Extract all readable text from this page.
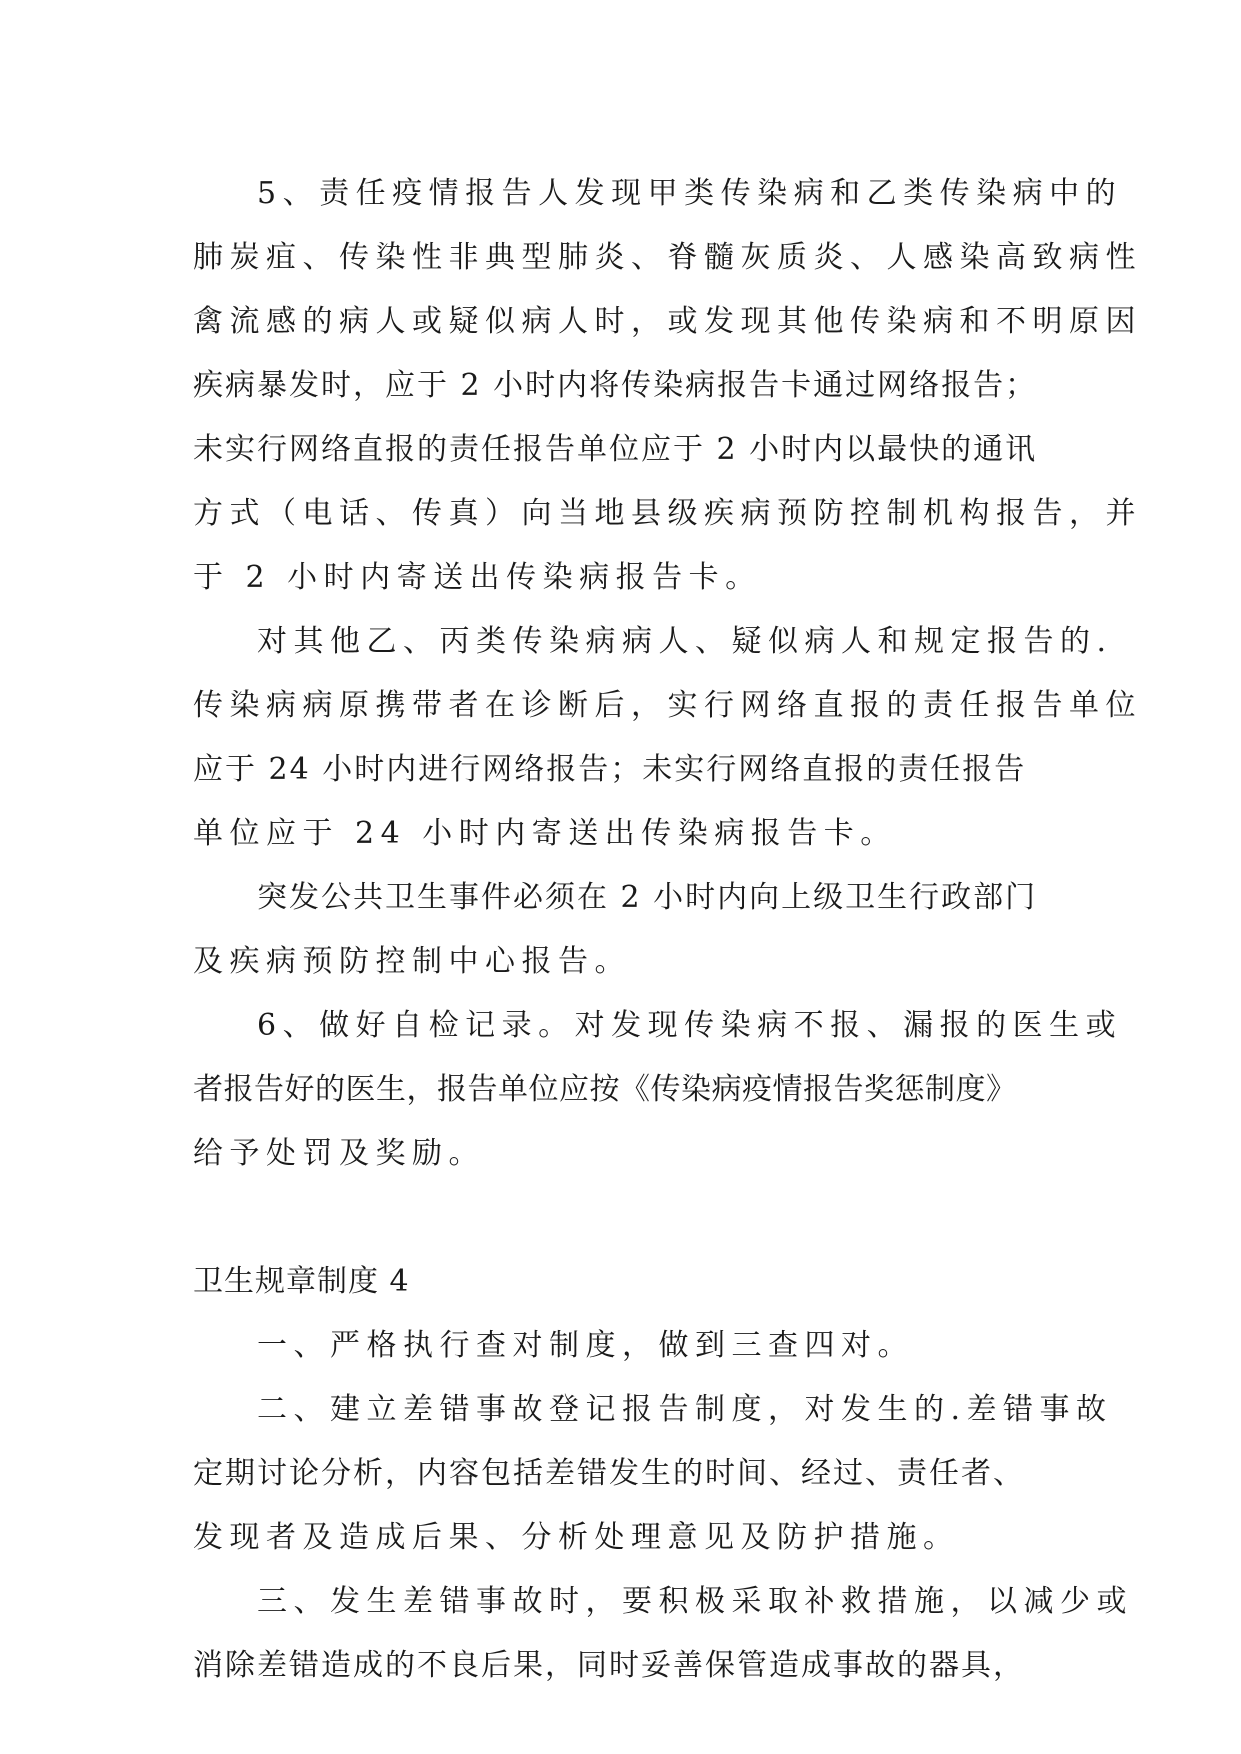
5、责任疫情报告人发现甲类传染病和乙类传染病中的
肺炭疽、传染性非典型肺炎、脊髓灰质炎、人感染高致病性
禽流感的病人或疑似病人时，或发现其他传染病和不明原因
疾病暴发时，应于 2 小时内将传染病报告卡通过网络报告；
未实行网络直报的责任报告单位应于 2 小时内以最快的通讯
方式（电话、传真）向当地县级疾病预防控制机构报告，并
于 2 小时内寄送出传染病报告卡。
对其他乙、丙类传染病病人、疑似病人和规定报告的.
传染病病原携带者在诊断后，实行网络直报的责任报告单位
应于 24 小时内进行网络报告；未实行网络直报的责任报告
单位应于 24 小时内寄送出传染病报告卡。
突发公共卫生事件必须在 2 小时内向上级卫生行政部门
及疾病预防控制中心报告。
6、做好自检记录。对发现传染病不报、漏报的医生或
者报告好的医生，报告单位应按《传染病疫情报告奖惩制度》
给予处罚及奖励。
卫生规章制度 4
一、严格执行查对制度，做到三查四对。
二、建立差错事故登记报告制度，对发生的.差错事故
定期讨论分析，内容包括差错发生的时间、经过、责任者、
发现者及造成后果、分析处理意见及防护措施。
三、发生差错事故时，要积极采取补救措施，以减少或
消除差错造成的不良后果，同时妥善保管造成事故的器具，
